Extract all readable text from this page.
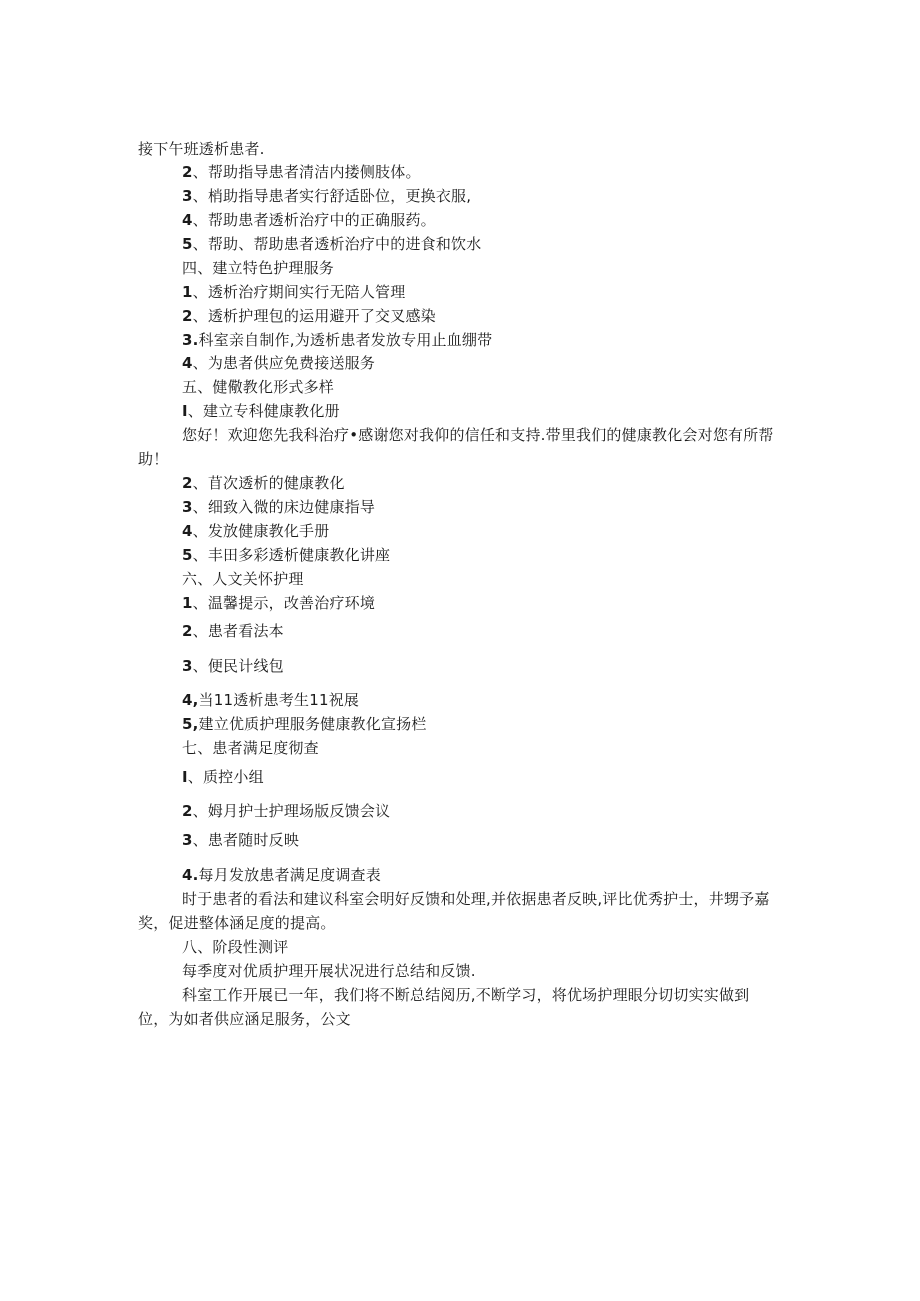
接下午班透析患者.
2、帮助指导患者清洁内搂侧肢体。
3、梢助指导患者实行舒适卧位，更换衣服,
4、帮助患者透析治疗中的正确服药。
5、帮助、帮助患者透析治疗中的进食和饮水
四、建立特色护理服务
1、透析治疗期间实行无陪人管理
2、透析护理包的运用避开了交叉感染
3.科室亲自制作,为透析患者发放专用止血绷带
4、为患者供应免费接送服务
五、健儆教化形式多样
I、建立专科健康教化册
您好！欢迎您先我科治疗•感谢您对我仰的信任和支持.带里我们的健康教化会对您有所帮
助！
2、苜次透析的健康教化
3、细致入微的床边健康指导
4、发放健康教化手册
5、丰田多彩透析健康教化讲座
六、人文关怀护理
1、温馨提示，改善治疗环境
2、患者看法本
3、便民计线包
4,当11透析患考生11祝展
5,建立优质护理服务健康教化宣扬栏
七、患者满足度彻查
I、质控小组
2、姆月护士护理场版反馈会议
3、患者随时反映
4.每月发放患者满足度调查表
时于患者的看法和建议科室会明好反馈和处理,并依据患者反映,评比优秀护士，井甥予嘉
奖，促进整体涵足度的提高。
八、阶段性测评
每季度对优质护理开展状况进行总结和反馈.
科室工作开展已一年，我们将不断总结阅历,不断学习，将优场护理眼分切切实实做到
位，为如者供应涵足服务，公文
